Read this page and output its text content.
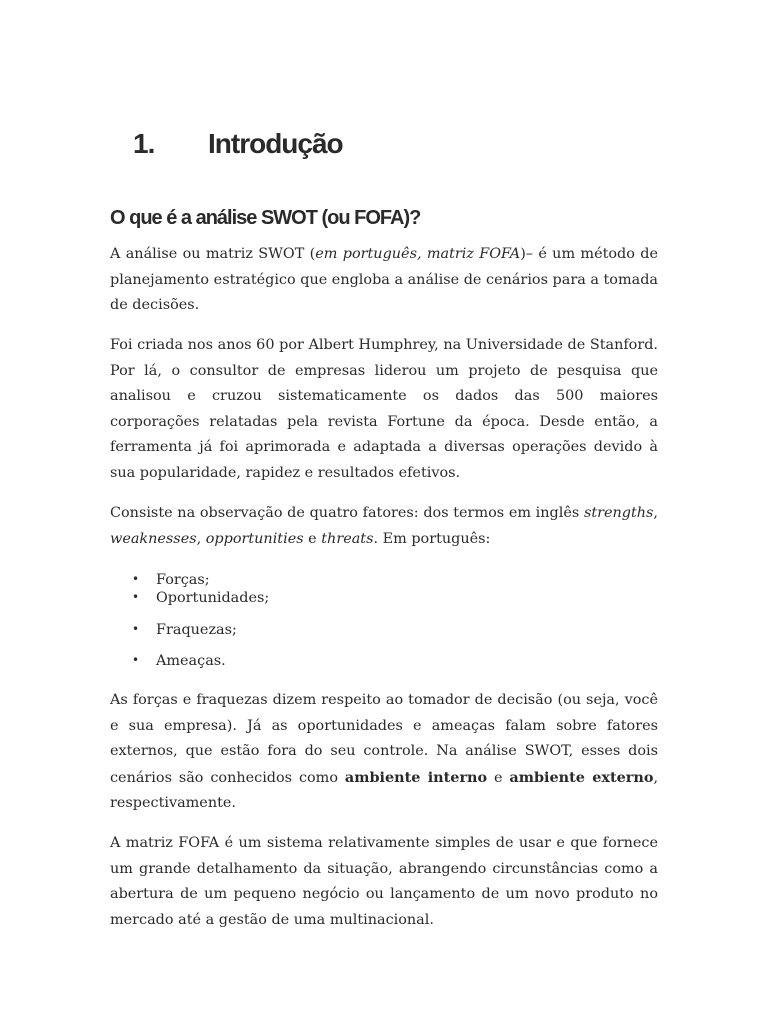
1. Introdução
O que é a análise SWOT (ou FOFA)?

A análise ou matriz SWOT (em português, matriz FOFA)– é um método de planejamento estratégico que engloba a análise de cenários para a tomada de decisões.

Foi criada nos anos 60 por Albert Humphrey, na Universidade de Stanford. Por lá, o consultor de empresas liderou um projeto de pesquisa que analisou e cruzou sistematicamente os dados das 500 maiores corporações relatadas pela revista Fortune da época. Desde então, a ferramenta já foi aprimorada e adaptada a diversas operações devido à sua popularidade, rapidez e resultados efetivos.

Consiste na observação de quatro fatores: dos termos em inglês strengths, weaknesses, opportunities e threats. Em português:

• Forças;
• Oportunidades;
• Fraquezas;
• Ameaças.

As forças e fraquezas dizem respeito ao tomador de decisão (ou seja, você e sua empresa). Já as oportunidades e ameaças falam sobre fatores externos, que estão fora do seu controle. Na análise SWOT, esses dois cenários são conhecidos como ambiente interno e ambiente externo, respectivamente.

A matriz FOFA é um sistema relativamente simples de usar e que fornece um grande detalhamento da situação, abrangendo circunstâncias como a abertura de um pequeno negócio ou lançamento de um novo produto no mercado até a gestão de uma multinacional.
